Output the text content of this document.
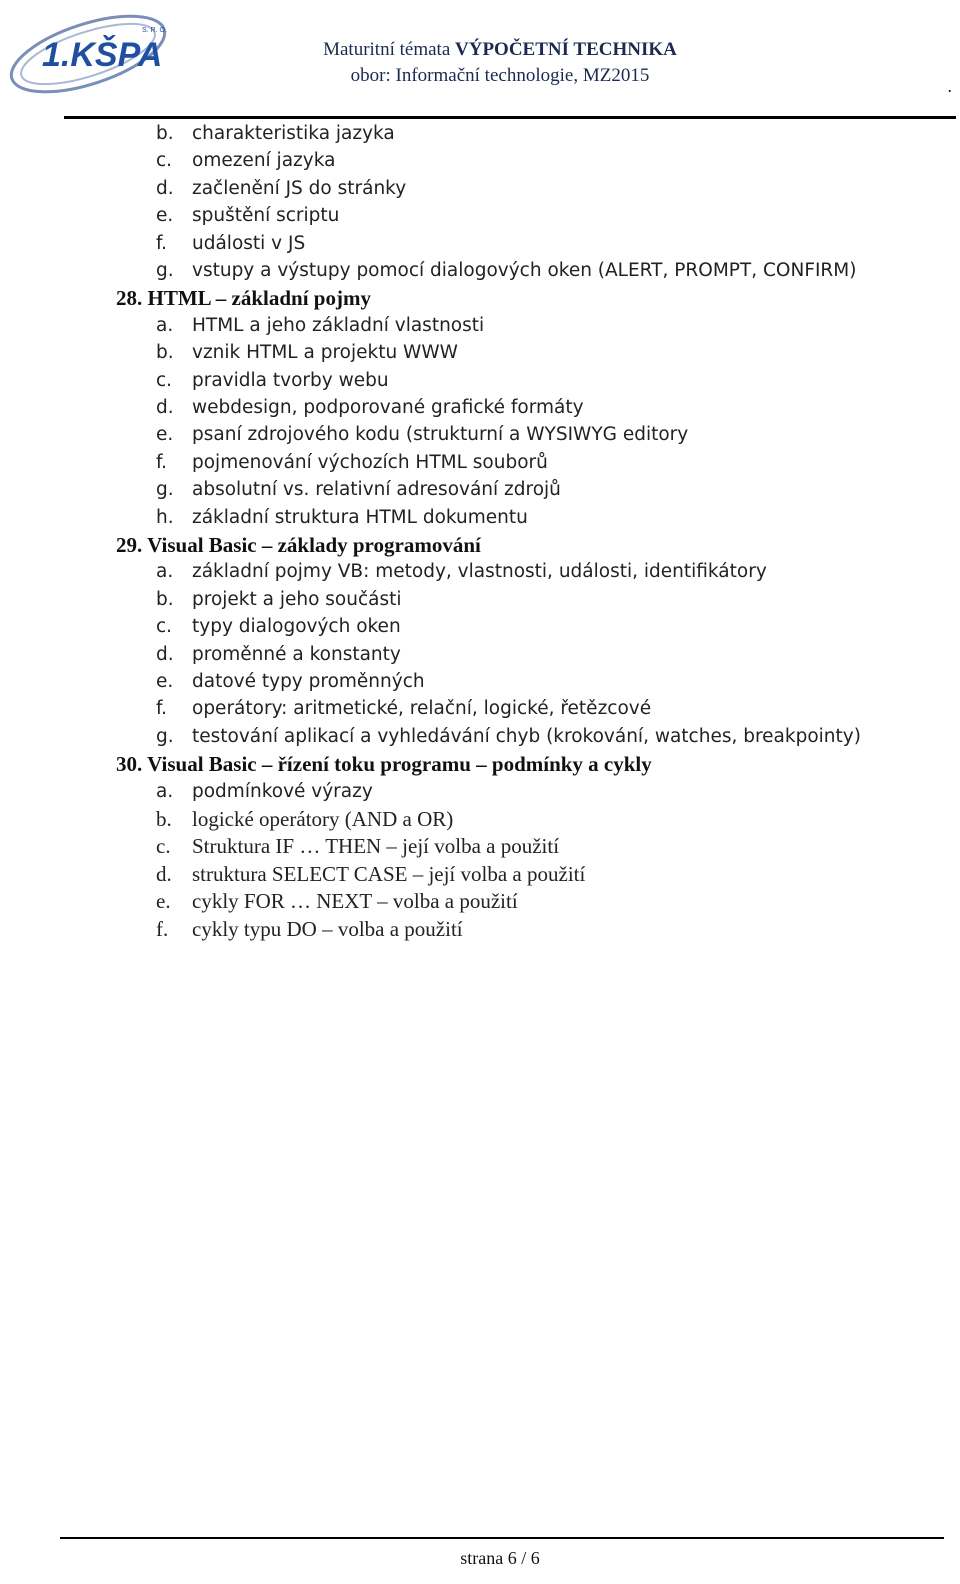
1.KŠPA
S. R. O.
Maturitní témata VÝPOČETNÍ TECHNIKA
obor: Informační technologie, MZ2015	.
b. charakteristika jazyka
c. omezení jazyka
d. začlenění JS do stránky
e. spuštění scriptu
f. události v JS
g. vstupy a výstupy pomocí dialogových oken (ALERT, PROMPT, CONFIRM)
28. HTML – základní pojmy
a. HTML a jeho základní vlastnosti
b. vznik HTML a projektu WWW
c. pravidla tvorby webu
d. webdesign, podporované grafické formáty
e. psaní zdrojového kodu (strukturní a WYSIWYG editory
f. pojmenování výchozích HTML souborů
g. absolutní vs. relativní adresování zdrojů
h. základní struktura HTML dokumentu
29. Visual Basic – základy programování
a. základní pojmy VB: metody, vlastnosti, události, identifikátory
b. projekt a jeho součásti
c. typy dialogových oken
d. proměnné a konstanty
e. datové typy proměnných
f. operátory: aritmetické, relační, logické, řetězcové
g. testování aplikací a vyhledávání chyb (krokování, watches, breakpointy)
30. Visual Basic – řízení toku programu – podmínky a cykly
a. podmínkové výrazy
b. logické operátory (AND a OR)
c. Struktura IF … THEN – její volba a použití
d. struktura SELECT CASE – její volba a použití
e. cykly FOR … NEXT – volba a použití
f. cykly typu DO – volba a použití
strana 6 / 6
